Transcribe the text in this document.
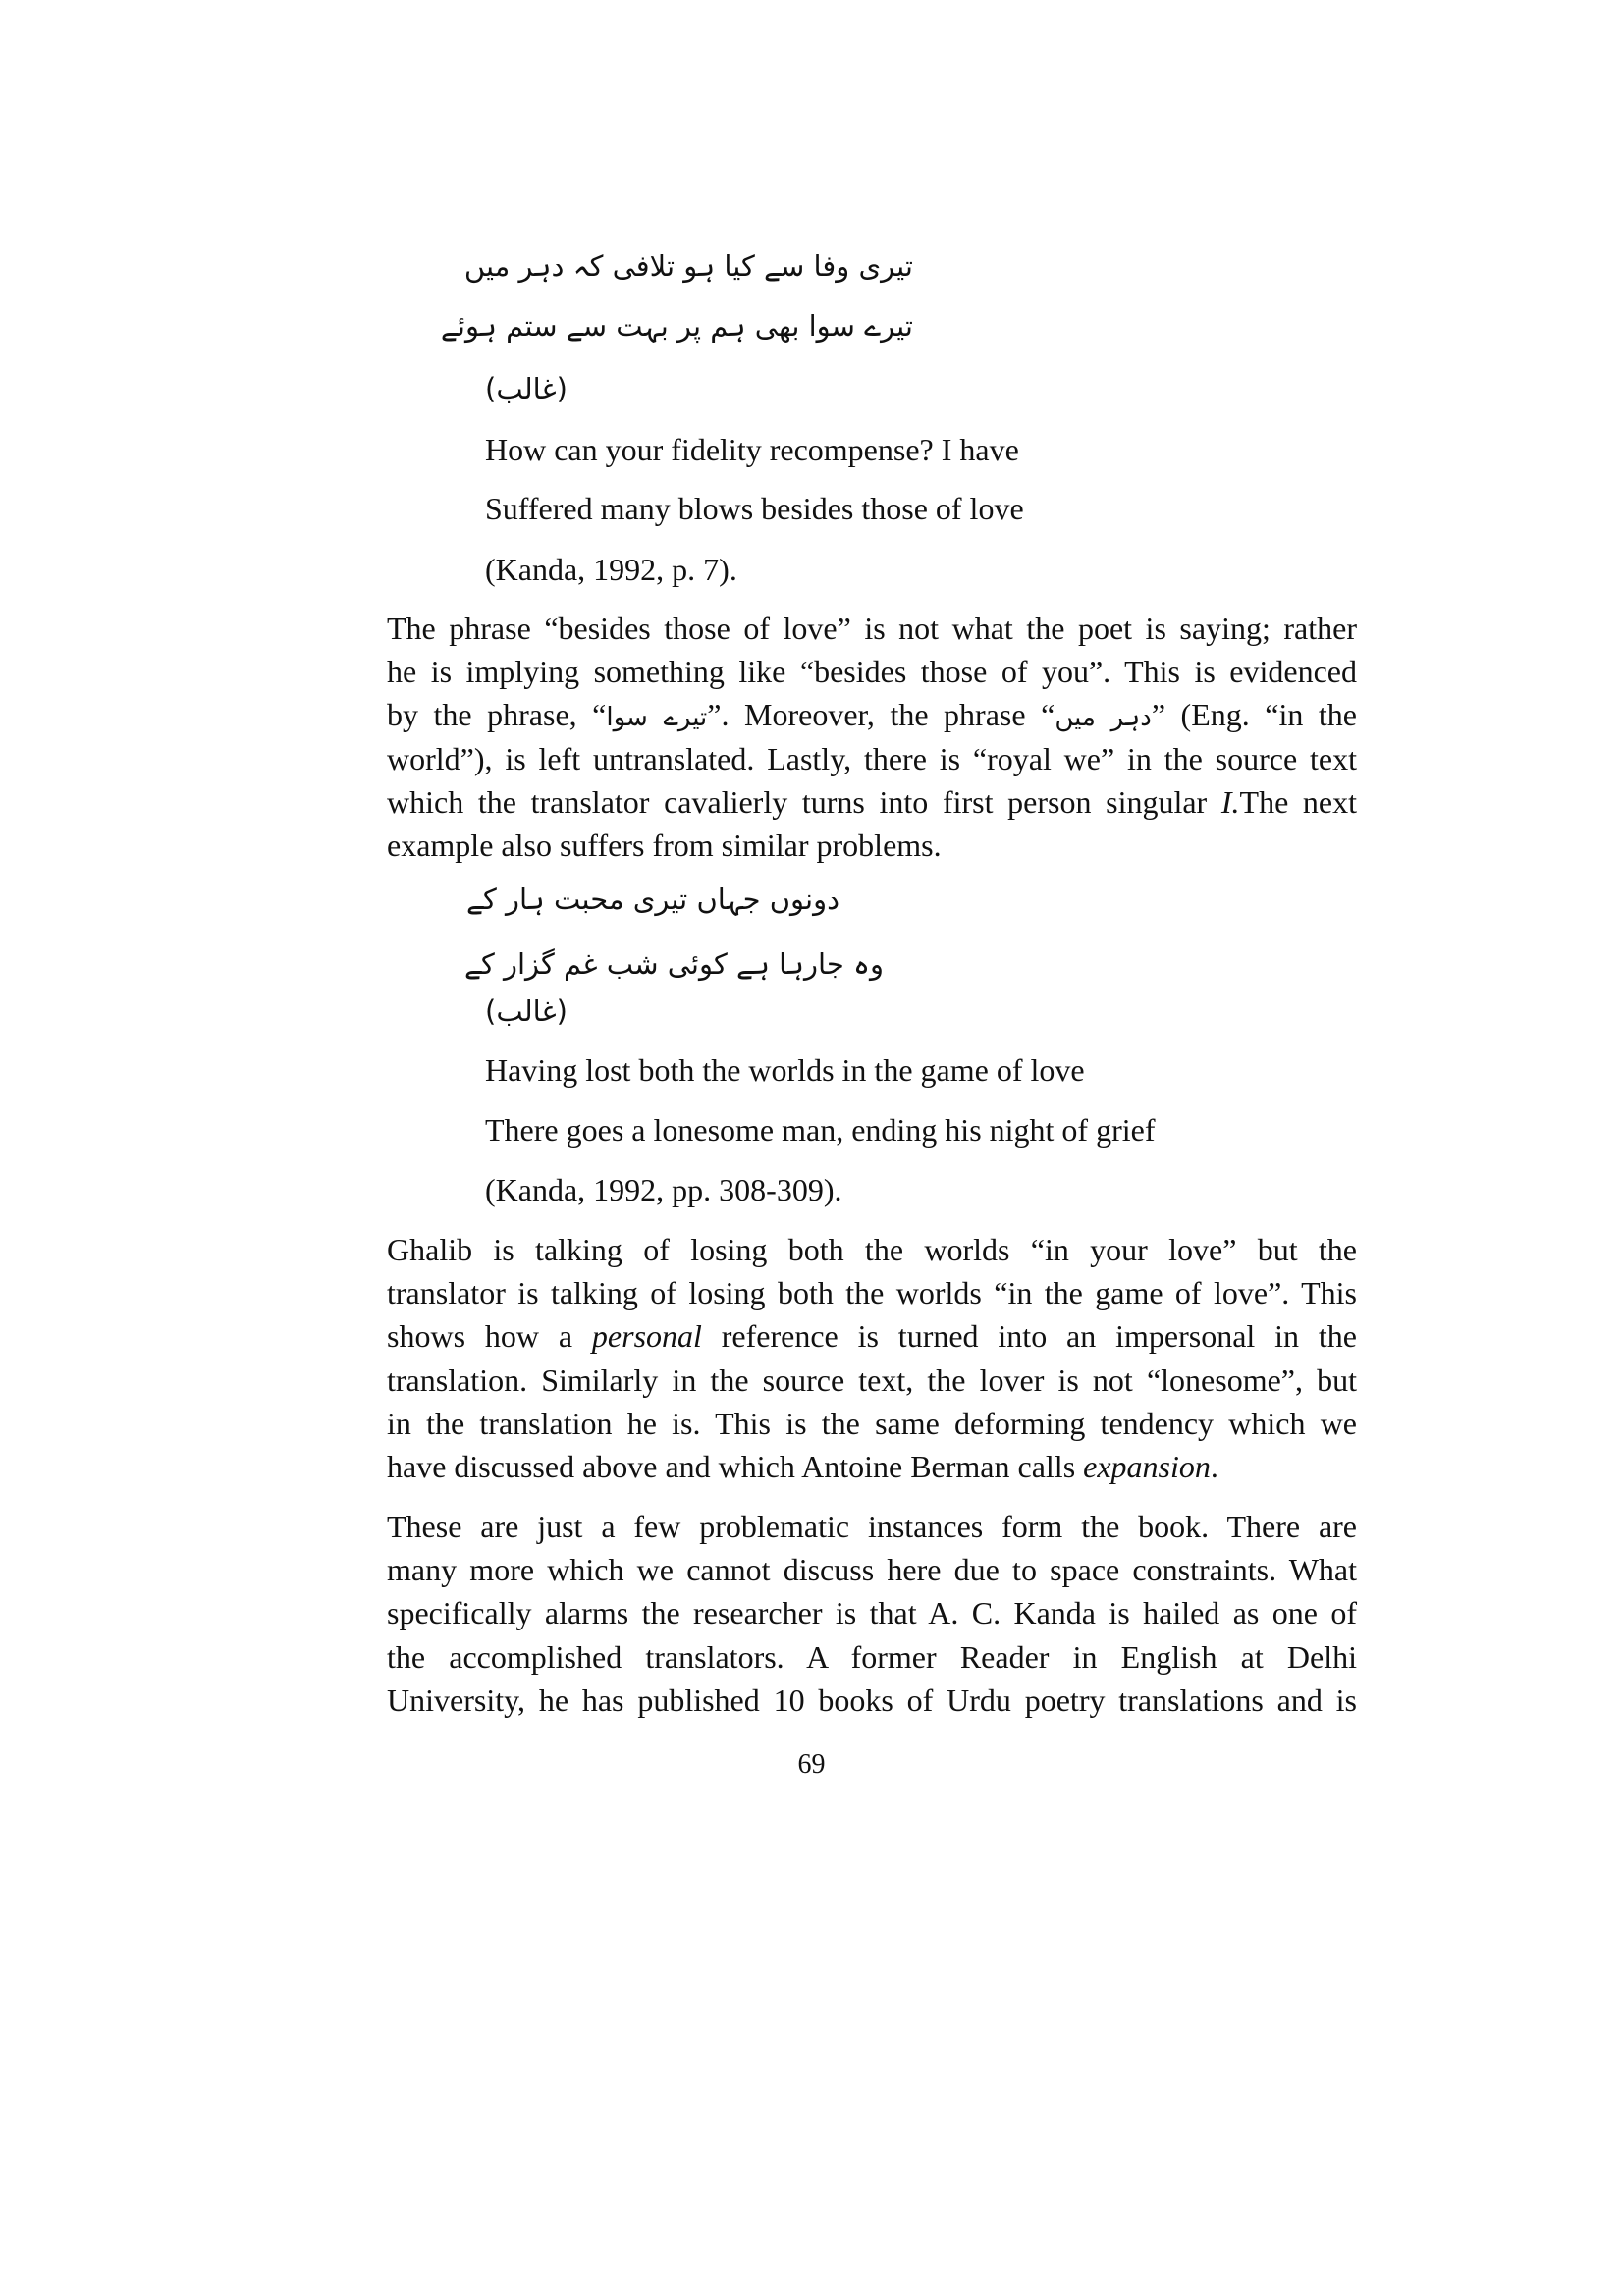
تیری وفا سے کیا ہو تلافی کہ دہر میں
تیرے سوا بھی ہم پر بہت سے ستم ہوئے
(غالب)
How can your fidelity recompense? I have
Suffered many blows besides those of love
(Kanda, 1992, p. 7).
The phrase “besides those of love” is not what the poet is saying; rather
he is implying something like “besides those of you”. This is evidenced
by the phrase, “تیرے سوا”. Moreover, the phrase “دہر میں” (Eng. “in the
world”), is left untranslated. Lastly, there is “royal we” in the source text
which the translator cavalierly turns into first person singular I.The next
example also suffers from similar problems.
دونوں جہاں تیری محبت ہار کے
وہ جارہا ہے کوئی شب غم گزار کے
(غالب)
Having lost both the worlds in the game of love
There goes a lonesome man, ending his night of grief
(Kanda, 1992, pp. 308-309).
Ghalib is talking of losing both the worlds “in your love” but the
translator is talking of losing both the worlds “in the game of love”. This
shows how a personal reference is turned into an impersonal in the
translation. Similarly in the source text, the lover is not “lonesome”, but
in the translation he is. This is the same deforming tendency which we
have discussed above and which Antoine Berman calls expansion.
These are just a few problematic instances form the book. There are
many more which we cannot discuss here due to space constraints. What
specifically alarms the researcher is that A. C. Kanda is hailed as one of
the accomplished translators. A former Reader in English at Delhi
University, he has published 10 books of Urdu poetry translations and is
69
